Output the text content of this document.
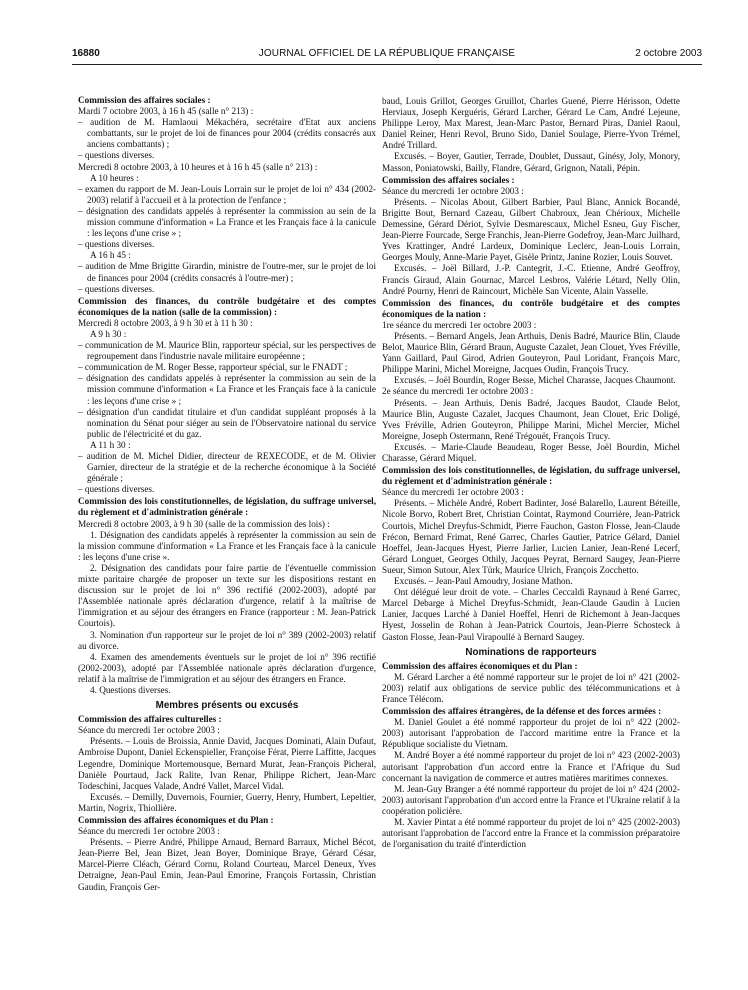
16880	JOURNAL OFFICIEL DE LA RÉPUBLIQUE FRANÇAISE	2 octobre 2003

Commission des affaires sociales :

Mardi 7 octobre 2003, à 16 h 45 (salle n° 213) :

– audition de M. Hamlaoui Mékachéra, secrétaire d'Etat aux anciens combattants, sur le projet de loi de finances pour 2004 (crédits consacrés aux anciens combattants) ;

– questions diverses.

Mercredi 8 octobre 2003, à 10 heures et à 16 h 45 (salle n° 213) :

A 10 heures :

– examen du rapport de M. Jean-Louis Lorrain sur le projet de loi n° 434 (2002-2003) relatif à l'accueil et à la protection de l'enfance ;

– désignation des candidats appelés à représenter la commission au sein de la mission commune d'information « La France et les Français face à la canicule : les leçons d'une crise » ;

– questions diverses.

A 16 h 45 :

– audition de Mme Brigitte Girardin, ministre de l'outre-mer, sur le projet de loi de finances pour 2004 (crédits consacrés à l'outre-mer) ;

– questions diverses.

Commission des finances, du contrôle budgétaire et des comptes économiques de la nation (salle de la commission) :

Mercredi 8 octobre 2003, à 9 h 30 et à 11 h 30 :

A 9 h 30 :

– communication de M. Maurice Blin, rapporteur spécial, sur les perspectives de regroupement dans l'industrie navale militaire européenne ;

– communication de M. Roger Besse, rapporteur spécial, sur le FNADT ;

– désignation des candidats appelés à représenter la commission au sein de la mission commune d'information « La France et les Français face à la canicule : les leçons d'une crise » ;

– désignation d'un candidat titulaire et d'un candidat suppléant proposés à la nomination du Sénat pour siéger au sein de l'Observatoire national du service public de l'électricité et du gaz.

A 11 h 30 :

– audition de M. Michel Didier, directeur de REXECODE, et de M. Olivier Garnier, directeur de la stratégie et de la recherche économique à la Société générale ;

– questions diverses.

Commission des lois constitutionnelles, de législation, du suffrage universel, du règlement et d'administration générale :

Mercredi 8 octobre 2003, à 9 h 30 (salle de la commission des lois) :

1. Désignation des candidats appelés à représenter la commission au sein de la mission commune d'information « La France et les Français face à la canicule : les leçons d'une crise ».

2. Désignation des candidats pour faire partie de l'éventuelle commission mixte paritaire chargée de proposer un texte sur les dispositions restant en discussion sur le projet de loi n° 396 rectifié (2002-2003), adopté par l'Assemblée nationale après déclaration d'urgence, relatif à la maîtrise de l'immigration et au séjour des étrangers en France (rapporteur : M. Jean-Patrick Courtois).

3. Nomination d'un rapporteur sur le projet de loi n° 389 (2002-2003) relatif au divorce.

4. Examen des amendements éventuels sur le projet de loi n° 396 rectifié (2002-2003), adopté par l'Assemblée nationale après déclaration d'urgence, relatif à la maîtrise de l'immigration et au séjour des étrangers en France.

4. Questions diverses.

Membres présents ou excusés

Commission des affaires culturelles :

Séance du mercredi 1er octobre 2003 :

Présents. – Louis de Broissia, Annie David, Jacques Dominati, Alain Dufaut, Ambroise Dupont, Daniel Eckenspieller, Françoise Férat, Pierre Laffitte, Jacques Legendre, Dominique Mortemousque, Bernard Murat, Jean-François Picheral, Danièle Pourtaud, Jack Ralite, Ivan Renar, Philippe Richert, Jean-Marc Todeschini, Jacques Valade, André Vallet, Marcel Vidal.

Excusés. – Demilly, Duvernois, Fournier, Guerry, Henry, Humbert, Lepeltier, Martin, Nogrix, Thiollière.

Commission des affaires économiques et du Plan :

Séance du mercredi 1er octobre 2003 :

Présents. – Pierre André, Philippe Arnaud, Bernard Barraux, Michel Bécot, Jean-Pierre Bel, Jean Bizet, Jean Boyer, Dominique Braye, Gérard César, Marcel-Pierre Cléach, Gérard Cornu, Roland Courteau, Marcel Deneux, Yves Detraigne, Jean-Paul Emin, Jean-Paul Emorine, François Fortassin, Christian Gaudin, François Ger-

baud, Louis Grillot, Georges Gruillot, Charles Guené, Pierre Hérisson, Odette Herviaux, Joseph Kerguéris, Gérard Larcher, Gérard Le Cam, André Lejeune, Philippe Leroy, Max Marest, Jean-Marc Pastor, Bernard Piras, Daniel Raoul, Daniel Reiner, Henri Revol, Bruno Sido, Daniel Soulage, Pierre-Yvon Trémel, André Trillard.

Excusés. – Boyer, Gautier, Terrade, Doublet, Dussaut, Ginésy, Joly, Monory, Masson, Poniatowski, Bailly, Flandre, Gérard, Grignon, Natali, Pépin.

Commission des affaires sociales :

Séance du mercredi 1er octobre 2003 :

Présents. – Nicolas About, Gilbert Barbier, Paul Blanc, Annick Bocandé, Brigitte Bout, Bernard Cazeau, Gilbert Chabroux, Jean Chérioux, Michelle Demessine, Gérard Dériot, Sylvie Desmarescaux, Michel Esneu, Guy Fischer, Jean-Pierre Fourcade, Serge Franchis, Jean-Pierre Godefroy, Jean-Marc Juilhard, Yves Krattinger, André Lardeux, Dominique Leclerc, Jean-Louis Lorrain, Georges Mouly, Anne-Marie Payet, Gisèle Printz, Janine Rozier, Louis Souvet.

Excusés. – Joël Billard, J.-P. Cantegrit, J.-C. Etienne, André Geoffroy, Francis Giraud, Alain Gournac, Marcel Lesbros, Valérie Létard, Nelly Olin, André Pourny, Henri de Raincourt, Michèle San Vicente, Alain Vasselle.

Commission des finances, du contrôle budgétaire et des comptes économiques de la nation :

1re séance du mercredi 1er octobre 2003 :

Présents. – Bernard Angels, Jean Arthuis, Denis Badré, Maurice Blin, Claude Belot, Maurice Blin, Gérard Braun, Auguste Cazalet, Jean Clouet, Yves Fréville, Yann Gaillard, Paul Girod, Adrien Gouteyron, Paul Loridant, François Marc, Philippe Marini, Michel Moreigne, Jacques Oudin, François Trucy.

Excusés. – Joël Bourdin, Roger Besse, Michel Charasse, Jacques Chaumont.

2e séance du mercredi 1er octobre 2003 :

Présents. – Jean Arthuis, Denis Badré, Jacques Baudot, Claude Belot, Maurice Blin, Auguste Cazalet, Jacques Chaumont, Jean Clouet, Eric Doligé, Yves Fréville, Adrien Gouteyron, Philippe Marini, Michel Mercier, Michel Moreigne, Joseph Ostermann, René Trégouët, François Trucy.

Excusés. – Marie-Claude Beaudeau, Roger Besse, Joël Bourdin, Michel Charasse, Gérard Miquel.

Commission des lois constitutionnelles, de législation, du suffrage universel, du règlement et d'administration générale :

Séance du mercredi 1er octobre 2003 :

Présents. – Michèle André, Robert Badinter, José Balarello, Laurent Béteille, Nicole Borvo, Robert Bret, Christian Cointat, Raymond Courrière, Jean-Patrick Courtois, Michel Dreyfus-Schmidt, Pierre Fauchon, Gaston Flosse, Jean-Claude Frécon, Bernard Frimat, René Garrec, Charles Gautier, Patrice Gélard, Daniel Hoeffel, Jean-Jacques Hyest, Pierre Jarlier, Lucien Lanier, Jean-René Lecerf, Gérard Longuet, Georges Othily, Jacques Peyrat, Bernard Saugey, Jean-Pierre Sueur, Simon Sutour, Alex Türk, Maurice Ulrich, François Zocchetto.

Excusés. – Jean-Paul Amoudry, Josiane Mathon.

Ont délégué leur droit de vote. – Charles Ceccaldi Raynaud à René Garrec, Marcel Debarge à Michel Dreyfus-Schmidt, Jean-Claude Gaudin à Lucien Lanier, Jacques Larché à Daniel Hoeffel, Henri de Richemont à Jean-Jacques Hyest, Josselin de Rohan à Jean-Patrick Courtois, Jean-Pierre Schosteck à Gaston Flosse, Jean-Paul Virapoullé à Bernard Saugey.

Nominations de rapporteurs

Commission des affaires économiques et du Plan :

M. Gérard Larcher a été nommé rapporteur sur le projet de loi n° 421 (2002-2003) relatif aux obligations de service public des télécommunications et à France Télécom.

Commission des affaires étrangères, de la défense et des forces armées :

M. Daniel Goulet a été nommé rapporteur du projet de loi n° 422 (2002-2003) autorisant l'approbation de l'accord maritime entre la France et la République socialiste du Vietnam.

M. André Boyer a été nommé rapporteur du projet de loi n° 423 (2002-2003) autorisant l'approbation d'un accord entre la France et l'Afrique du Sud concernant la navigation de commerce et autres matières maritimes connexes.

M. Jean-Guy Branger a été nommé rapporteur du projet de loi n° 424 (2002-2003) autorisant l'approbation d'un accord entre la France et l'Ukraine relatif à la coopération policière.

M. Xavier Pintat a été nommé rapporteur du projet de loi n° 425 (2002-2003) autorisant l'approbation de l'accord entre la France et la commission préparatoire de l'organisation du traité d'interdiction
